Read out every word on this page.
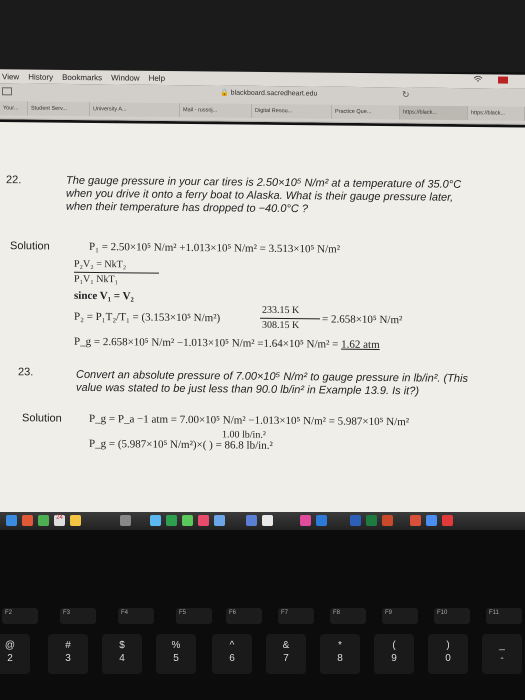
View History Bookmarks Window Help
🔒 blackboard.sacredheart.edu	↻
Your...	Student Serv...	University A...	Mail - russoj...	Digital Resou...	Practice Que...	https://black...	https://black...
22.	The gauge pressure in your car tires is 2.50×10⁵ N/m² at a temperature of 35.0°C
when you drive it onto a ferry boat to Alaska. What is their gauge pressure later,
when their temperature has dropped to −40.0°C ?
Solution	P₁ = 2.50×10⁵ N/m² +1.013×10⁵ N/m² = 3.513×10⁵ N/m²
P₂V₂ = NkT₂
P₁V₁ NkT₁
since V₁ = V₂
P₂ = P₁T₂/T₁ = (3.153×10⁵ N/m²)
233.15 K
308.15 K = 2.658×10⁵ N/m²
P_g = 2.658×10⁵ N/m² −1.013×10⁵ N/m² =1.64×10⁵ N/m² = 1.62 atm
23.	Convert an absolute pressure of 7.00×10⁵ N/m² to gauge pressure in lb/in². (This
value was stated to be just less than 90.0 lb/in² in Example 13.9. Is it?)
Solution P_g = P_a −1 atm = 7.00×10⁵ N/m² −1.013×10⁵ N/m² = 5.987×10⁵ N/m²
1.00 lb/in.²
P_g = (5.987×10⁵ N/m²)×( ) = 86.8 lb/in.²
24
F2	F3	F4	F5	F6	F7	F8	F9	F10	F11
@
2
#
3
$
4
%
5
^
6
&
7
*
8
(
9
)
0
_
-
